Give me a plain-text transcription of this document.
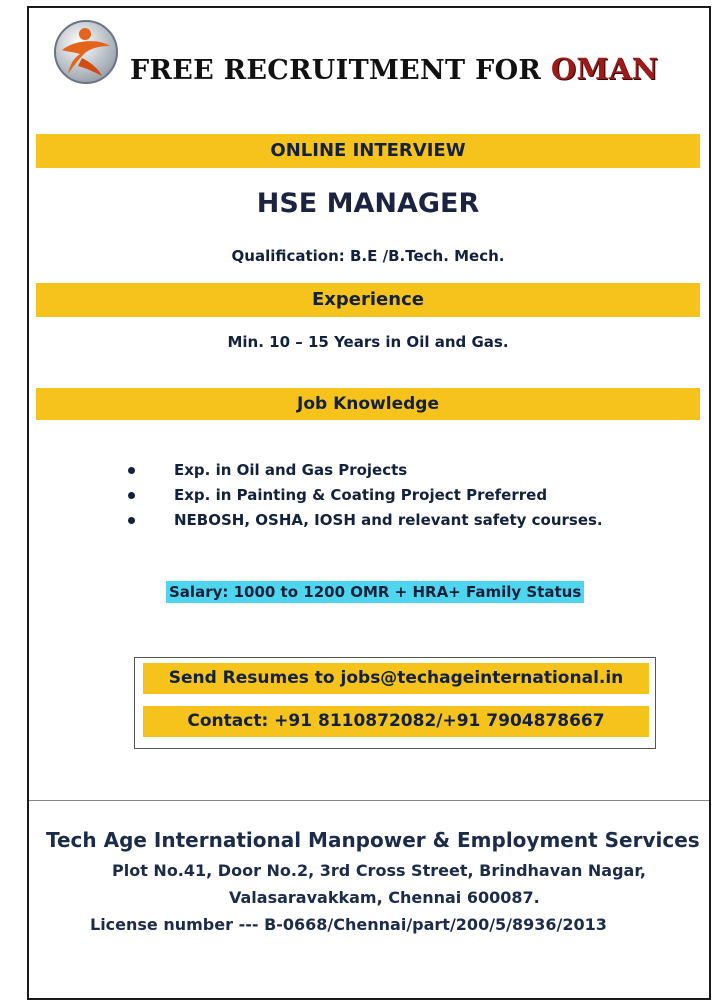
FREE RECRUITMENT FOR OMAN
ONLINE INTERVIEW
HSE MANAGER
Qualification: B.E /B.Tech. Mech.
Experience
Min. 10 – 15 Years in Oil and Gas.
Job Knowledge
Exp. in Oil and Gas Projects
Exp. in Painting & Coating Project Preferred
NEBOSH, OSHA, IOSH and relevant safety courses.
Salary: 1000 to 1200 OMR + HRA+ Family Status
Send Resumes to jobs@techageinternational.in
Contact: +91 8110872082/+91 7904878667
Tech Age International Manpower & Employment Services
Plot No.41, Door No.2, 3rd Cross Street, Brindhavan Nagar,
Valasaravakkam, Chennai 600087.
License number --- B-0668/Chennai/part/200/5/8936/2013
